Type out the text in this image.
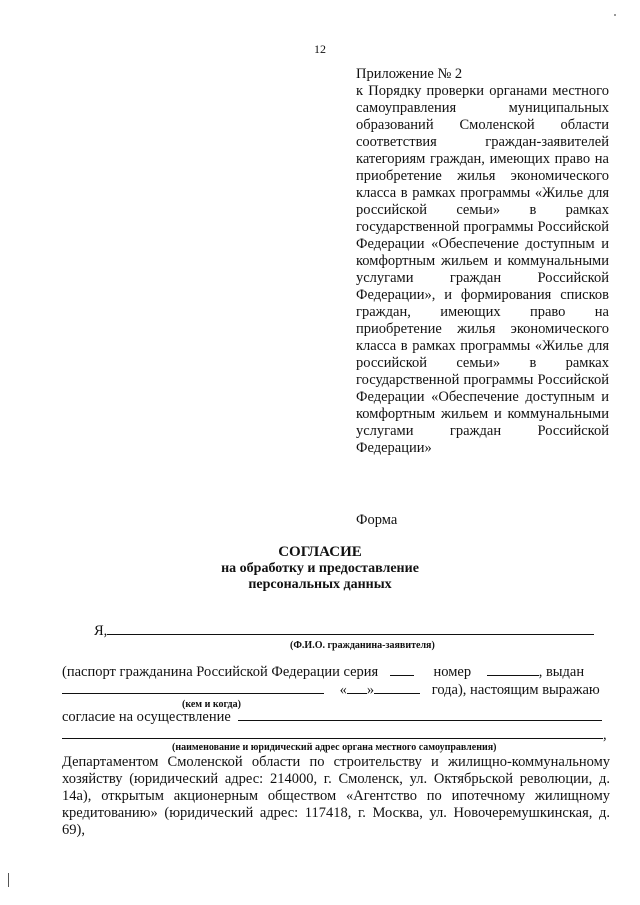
12
Приложение № 2
к Порядку проверки органами местного самоуправления муниципальных образований Смоленской области соответствия граждан-заявителей категориям граждан, имеющих право на приобретение жилья экономического класса в рамках программы «Жилье для российской семьи» в рамках государственной программы Российской Федерации «Обеспечение доступным и комфортным жильем и коммунальными услугами граждан Российской Федерации», и формирования списков граждан, имеющих право на приобретение жилья экономического класса в рамках программы «Жилье для российской семьи» в рамках государственной программы Российской Федерации «Обеспечение доступным и комфортным жильем и коммунальными услугами граждан Российской Федерации»
Форма
СОГЛАСИЕ
на обработку и предоставление
персональных данных
Я,
(Ф.И.О. гражданина-заявителя)
(паспорт гражданина Российской Федерации серия	номер	, выдан
« »	года), настоящим выражаю
(кем и когда)
согласие на осуществление
,
(наименование и юридический адрес органа местного самоуправления)
Департаментом Смоленской области по строительству и жилищно-коммунальному хозяйству (юридический адрес: 214000, г. Смоленск, ул. Октябрьской революции, д. 14а), открытым акционерным обществом «Агентство по ипотечному жилищному кредитованию» (юридический адрес: 117418, г. Москва, ул. Новочеремушкинская, д. 69),
